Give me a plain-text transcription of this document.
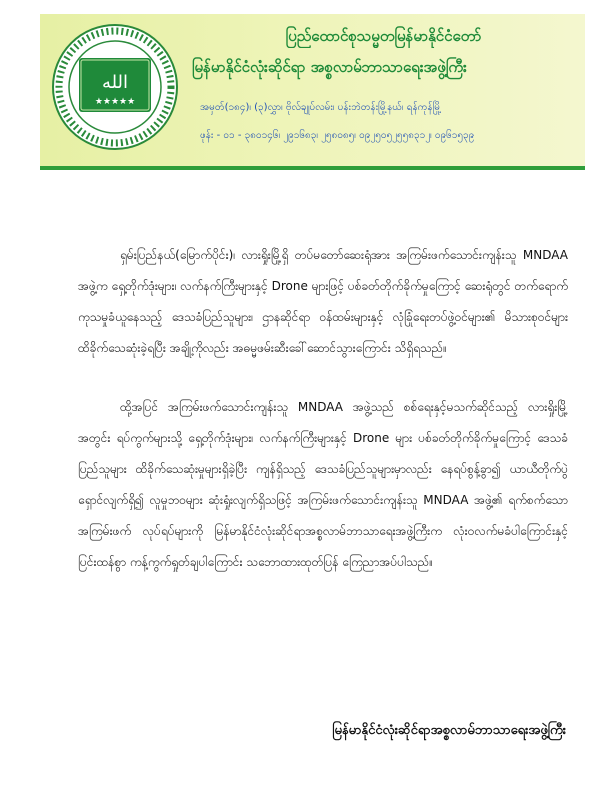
الله
★★★★★
ပြည်ထောင်စုသမ္မတမြန်မာနိုင်ငံတော်
မြန်မာနိုင်ငံလုံးဆိုင်ရာ အစ္စလာမ်ဘာသာရေးအဖွဲ့ကြီး
အမှတ်(၁၈၄)၊ (၃)လွှာ၊ ဗိုလ်ချုပ်လမ်း၊ ပန်းဘဲတန်းမြို့နယ်၊ ရန်ကုန်မြို့
ဖုန်း - ၀၁ - ၃၈၀၁၄၆၊ ၂၉၁၆၈၃၊ ၂၅၈၀၈၅၊ ၀၉၂၅၀၅၂၅၅၈၃၁၂၊ ၀၉၆၁၅၃၉

ရှမ်းပြည်နယ်(မြောက်ပိုင်း)၊ လားရှိုးမြို့ရှိ တပ်မတော်ဆေးရုံအား အကြမ်းဖက်သောင်းကျန်းသူ MNDAA အဖွဲ့က ရှေ့တိုက်ဒုံးများ၊ လက်နက်ကြီးများနှင့် Drone များဖြင့် ပစ်ခတ်တိုက်ခိုက်မှုကြောင့် ဆေးရုံတွင် တက်ရောက်ကုသမှုခံယူနေသည့် ဒေသခံပြည်သူများ၊ ဌာနဆိုင်ရာ ဝန်ထမ်းများနှင့် လုံခြုံရေးတပ်ဖွဲ့ဝင်များ၏ မိသားစုဝင်များ ထိခိုက်သေဆုံးခဲ့ရပြီး အချို့ကိုလည်း အဓမ္မဖမ်းဆီးခေါ်ဆောင်သွားကြောင်း သိရှိရသည်။

ထို့အပြင် အကြမ်းဖက်သောင်းကျန်းသူ MNDAA အဖွဲ့သည် စစ်ရေးနှင့်မသက်ဆိုင်သည့် လားရှိုးမြို့အတွင်း ရပ်ကွက်များသို့ ရှေ့တိုက်ဒုံးများ၊ လက်နက်ကြီးများနှင့် Drone များ ပစ်ခတ်တိုက်ခိုက်မှုကြောင့် ဒေသခံပြည်သူများ ထိခိုက်သေဆုံးမှုများရှိခဲ့ပြီး ကျန်ရှိသည့် ဒေသခံပြည်သူများမှာလည်း နေရပ်စွန့်ခွာ၍ ယာယီတိုက်ပွဲရှောင်လျက်ရှိ၍ လူမှုဘဝများ ဆုံးရှုံးလျက်ရှိသဖြင့် အကြမ်းဖက်သောင်းကျန်းသူ MNDAA အဖွဲ့၏ ရက်စက်သောအကြမ်းဖက် လုပ်ရပ်များကို မြန်မာနိုင်ငံလုံးဆိုင်ရာအစ္စလာမ်ဘာသာရေးအဖွဲ့ကြီးက လုံးဝလက်မခံပါကြောင်းနှင့် ပြင်းထန်စွာ ကန့်ကွက်ရှုတ်ချပါကြောင်း သဘောထားထုတ်ပြန် ကြေညာအပ်ပါသည်။

မြန်မာနိုင်ငံလုံးဆိုင်ရာအစ္စလာမ်ဘာသာရေးအဖွဲ့ကြီး
